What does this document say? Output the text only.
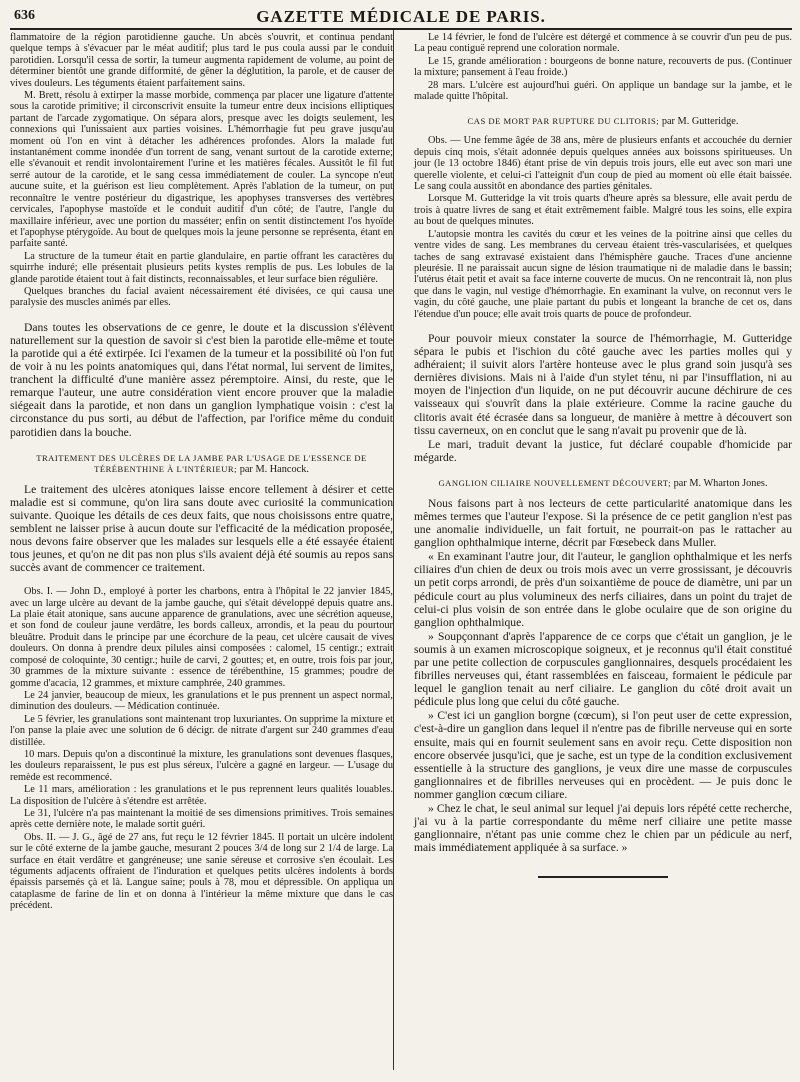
636	GAZETTE MÉDICALE DE PARIS.

flammatoire de la région parotidienne gauche. Un abcès s'ouvrit, et continua pendant quelque temps à s'évacuer par le méat auditif; plus tard le pus coula aussi par le conduit parotidien. Lorsqu'il cessa de sortir, la tumeur augmenta rapidement de volume, au point de déterminer bientôt une grande difformité, de gêner la déglutition, la parole, et de causer de vives douleurs. Les téguments étaient parfaitement sains.

M. Brett, résolu à extirper la masse morbide, commença par placer une ligature d'attente sous la carotide primitive; il circonscrivit ensuite la tumeur entre deux incisions elliptiques partant de l'arcade zygomatique. On sépara alors, presque avec les doigts seulement, les connexions qui l'unissaient aux parties voisines. L'hémorrhagie fut peu grave jusqu'au moment où l'on en vint à détacher les adhérences profondes. Alors la malade fut instantanément comme inondée d'un torrent de sang, venant surtout de la carotide externe; elle s'évanouit et rendit involontairement l'urine et les matières fécales. Aussitôt le fil fut serré autour de la carotide, et le sang cessa immédiatement de couler. La syncope n'eut aucune suite, et la guérison est lieu complètement. Après l'ablation de la tumeur, on put reconnaître le ventre postérieur du digastrique, les apophyses transverses des vertèbres cervicales, l'apophyse mastoïde et le conduit auditif d'un côté; de l'autre, l'angle du maxillaire inférieur, avec une portion du masséter; enfin on sentit distinctement l'os hyoïde et l'apophyse ptérygoïde. Au bout de quelques mois la jeune personne se représenta, étant en parfaite santé.

La structure de la tumeur était en partie glandulaire, en partie offrant les caractères du squirrhe induré; elle présentait plusieurs petits kystes remplis de pus. Les lobules de la glande parotide étaient tout à fait distincts, reconnaissables, et leur surface bien régulière.

Quelques branches du facial avaient nécessairement été divisées, ce qui causa une paralysie des muscles animés par elles.

Dans toutes les observations de ce genre, le doute et la discussion s'élèvent naturellement sur la question de savoir si c'est bien la parotide elle-même et toute la parotide qui a été extirpée. Ici l'examen de la tumeur et la possibilité où l'on fut de voir à nu les points anatomiques qui, dans l'état normal, lui servent de limites, tranchent la difficulté d'une manière assez péremptoire. Ainsi, du reste, que le remarque l'auteur, une autre considération vient encore prouver que la maladie siégeait dans la parotide, et non dans un ganglion lymphatique voisin : c'est la circonstance du pus sorti, au début de l'affection, par l'orifice même du conduit parotidien dans la bouche.

TRAITEMENT DES ULCÈRES DE LA JAMBE PAR L'USAGE DE L'ESSENCE DE TÉRÉBENTHINE À L'INTÉRIEUR; par M. Hancock.

Le traitement des ulcères atoniques laisse encore tellement à désirer et cette maladie est si commune, qu'on lira sans doute avec curiosité la communication suivante. Quoique les détails de ces deux faits, que nous choisissons entre quatre, semblent ne laisser prise à aucun doute sur l'efficacité de la médication proposée, nous devons faire observer que les malades sur lesquels elle a été essayée étaient tous jeunes, et qu'on ne dit pas non plus s'ils avaient déjà été soumis au repos sans succès avant de commencer ce traitement.

Obs. I. — John D., employé à porter les charbons, entra à l'hôpital le 22 janvier 1845, avec un large ulcère au devant de la jambe gauche, qui s'était développé depuis quatre ans. La plaie était atonique, sans aucune apparence de granulations, avec une sécrétion aqueuse, et son fond de couleur jaune verdâtre, les bords calleux, arrondis, et la peau du pourtour bleuâtre. Produit dans le principe par une écorchure de la peau, cet ulcère causait de vives douleurs. On donna à prendre deux pilules ainsi composées : calomel, 15 centigr.; extrait composé de coloquinte, 30 centigr.; huile de carvi, 2 gouttes; et, en outre, trois fois par jour, 30 grammes de la mixture suivante : essence de térébenthine, 15 grammes; poudre de gomme d'acacia, 12 grammes, et mixture camphrée, 240 grammes.

Le 24 janvier, beaucoup de mieux, les granulations et le pus prennent un aspect normal, diminution des douleurs. — Médication continuée.

Le 5 février, les granulations sont maintenant trop luxuriantes. On supprime la mixture et l'on panse la plaie avec une solution de 6 décigr. de nitrate d'argent sur 240 grammes d'eau distillée.

10 mars. Depuis qu'on a discontinué la mixture, les granulations sont devenues flasques, les douleurs reparaissent, le pus est plus séreux, l'ulcère a gagné en largeur. — L'usage du remède est recommencé.

Le 11 mars, amélioration : les granulations et le pus reprennent leurs qualités louables. La disposition de l'ulcère à s'étendre est arrêtée.

Le 31, l'ulcère n'a pas maintenant la moitié de ses dimensions primitives. Trois semaines après cette dernière note, le malade sortit guéri.

Obs. II. — J. G., âgé de 27 ans, fut reçu le 12 février 1845. Il portait un ulcère indolent sur le côté externe de la jambe gauche, mesurant 2 pouces 3/4 de long sur 2 1/4 de large. La surface en était verdâtre et gangréneuse; une sanie séreuse et corrosive s'en écoulait. Les téguments adjacents offraient de l'induration et quelques petits ulcères indolents à bords épaissis parsemés çà et là. Langue saine; pouls à 78, mou et dépressible. On appliqua un cataplasme de farine de lin et on donna à l'intérieur la même mixture que dans le cas précédent.

Le 14 février, le fond de l'ulcère est détergé et commence à se couvrir d'un peu de pus. La peau contiguë reprend une coloration normale.

Le 15, grande amélioration : bourgeons de bonne nature, recouverts de pus. (Continuer la mixture; pansement à l'eau froide.)

28 mars. L'ulcère est aujourd'hui guéri. On applique un bandage sur la jambe, et le malade quitte l'hôpital.

CAS DE MORT PAR RUPTURE DU CLITORIS; par M. Gutteridge.

Obs. — Une femme âgée de 38 ans, mère de plusieurs enfants et accouchée du dernier depuis cinq mois, s'était adonnée depuis quelques années aux boissons spiritueuses. Un jour (le 13 octobre 1846) étant prise de vin depuis trois jours, elle eut avec son mari une querelle violente, et celui-ci l'atteignit d'un coup de pied au moment où elle était baissée. Le sang coula aussitôt en abondance des parties génitales.

Lorsque M. Gutteridge la vit trois quarts d'heure après sa blessure, elle avait perdu de trois à quatre livres de sang et était extrêmement faible. Malgré tous les soins, elle expira au bout de quelques minutes.

L'autopsie montra les cavités du cœur et les veines de la poitrine ainsi que celles du ventre vides de sang. Les membranes du cerveau étaient très-vascularisées, et quelques taches de sang extravasé existaient dans l'hémisphère gauche. Traces d'une ancienne pleurésie. Il ne paraissait aucun signe de lésion traumatique ni de maladie dans le bassin; l'utérus était petit et avait sa face interne couverte de mucus. On ne rencontrait là, non plus que dans le vagin, nul vestige d'hémorrhagie. En examinant la vulve, on reconnut vers le vagin, du côté gauche, une plaie partant du pubis et longeant la branche de cet os, dans l'étendue d'un pouce; elle avait trois quarts de pouce de profondeur.

Pour pouvoir mieux constater la source de l'hémorrhagie, M. Gutteridge sépara le pubis et l'ischion du côté gauche avec les parties molles qui y adhéraient; il suivit alors l'artère honteuse avec le plus grand soin jusqu'à ses dernières divisions. Mais ni à l'aide d'un stylet ténu, ni par l'insufflation, ni au moyen de l'injection d'un liquide, on ne put découvrir aucune déchirure de ces vaisseaux qui s'ouvrît dans la plaie extérieure. Comme la racine gauche du clitoris avait été écrasée dans sa longueur, de manière à mettre à découvert son tissu caverneux, on en conclut que le sang n'avait pu provenir que de là.

Le mari, traduit devant la justice, fut déclaré coupable d'homicide par mégarde.

GANGLION CILIAIRE NOUVELLEMENT DÉCOUVERT; par M. Wharton Jones.

Nous faisons part à nos lecteurs de cette particularité anatomique dans les mêmes termes que l'auteur l'expose. Si la présence de ce petit ganglion n'est pas une anomalie individuelle, un fait fortuit, ne pourrait-on pas le rattacher au ganglion ophthalmique interne, décrit par Fœsebeck dans Muller.

« En examinant l'autre jour, dit l'auteur, le ganglion ophthalmique et les nerfs ciliaires d'un chien de deux ou trois mois avec un verre grossissant, je découvris un petit corps arrondi, de près d'un soixantième de pouce de diamètre, uni par un pédicule court au plus volumineux des nerfs ciliaires, dans un point du trajet de celui-ci plus voisin de son entrée dans le globe oculaire que de son origine du ganglion ophthalmique.

» Soupçonnant d'après l'apparence de ce corps que c'était un ganglion, je le soumis à un examen microscopique soigneux, et je reconnus qu'il était constitué par une petite collection de corpuscules ganglionnaires, desquels procédaient les fibrilles nerveuses qui, étant rassemblées en faisceau, formaient le pédicule par lequel le ganglion tenait au nerf ciliaire. Le ganglion du côté droit avait un pédicule plus long que celui du côté gauche.

» C'est ici un ganglion borgne (cœcum), si l'on peut user de cette expression, c'est-à-dire un ganglion dans lequel il n'entre pas de fibrille nerveuse qui en sorte ensuite, mais qui en fournit seulement sans en avoir reçu. Cette disposition non encore observée jusqu'ici, que je sache, est un type de la condition exclusivement essentielle à la structure des ganglions, je veux dire une masse de corpuscules ganglionnaires et de fibrilles nerveuses qui en procèdent. — Je puis donc le nommer ganglion cœcum ciliare.

» Chez le chat, le seul animal sur lequel j'ai depuis lors répété cette recherche, j'ai vu à la partie correspondante du même nerf ciliaire une petite masse ganglionnaire, n'étant pas unie comme chez le chien par un pédicule au nerf, mais immédiatement appliquée à sa surface. »
